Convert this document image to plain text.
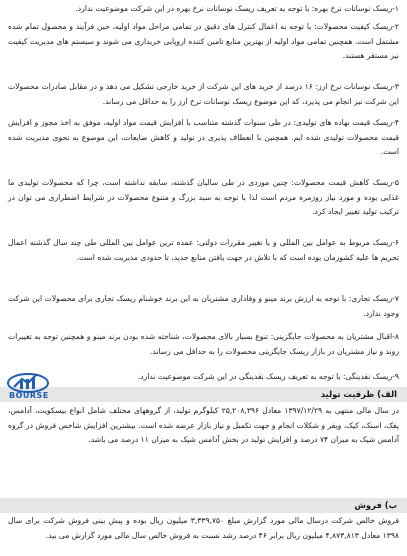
۱-ریسک نوسانات نرخ بهره: با توجه به تعریف ریسک نوسانات نرخ بهره در این شرکت موضوعیت ندارد.

۲-ریسک کیفیت محصولات: با توجه به اعمال کنترل های دقیق در تمامی مراحل مواد اولیه، حین فرآیند و محصول تمام شده مشتمل است. همچنین تمامی مواد اولیه از بهترین منابع تامین کننده اروپایی خریداری می شوند و سیستم های مدیریت کیفیت نیز مستقر هستند.

۳-ریسک نوسانات نرخ ارز: ۱۶ درصد از خرید های این شرکت از خرید خارجی تشکیل می دهد و در مقابل صادرات محصولات این شرکت نیز انجام می پذیرد، که این موضوع ریسک نوسانات نرخ ارز را به حداقل می رساند.

۴-ریسک قیمت نهاده های تولیدی: در طی سنوات گذشته متناسب با افزایش قیمت مواد اولیه، موفق به اخذ مجوز و افزایش قیمت محصولات تولیدی شده ایم. همچنین با انعطاف پذیری در تولید و کاهش ضایعات، این موضوع به نحوی مدیریت شده است.

۵-ریسک کاهش قیمت محصولات: چنین موردی در طی سالیان گذشته، سابقه نداشته است، چرا که محصولات تولیدی ما غذایی بوده و مورد نیاز روزمره مردم است لذا با توجه به سبد بزرگ و متنوع محصولات در شرایط اضطراری می توان در ترکیب تولید تغییر ایجاد کرد.

۶-ریسک مربوط به عوامل بین المللی و یا تغییر مقررات دولتی: عمده ترین عوامل بین المللی طی چند سال گذشته اعمال تحریم ها علیه کشورمان بوده است که با تلاش در جهت یافتن منابع جدید، تا حدودی مدیریت شده است.

۷-ریسک تجاری: با توجه به ارزش برند مینو و وفاداری مشتریان به این برند خوشنام ریسک تجاری برای محصولات این شرکت وجود ندارد.

۸-اقبال مشتریان به محصولات جایگزینی: تنوع بسیار بالای محصولات، شناخته شده بودن برند مینو و همچنین توجه به تغییرات روند و نیاز مشتریان در بازار ریسک جایگزینی محصولات را به حداقل می رساند.

۹-ریسک نقدینگی: با توجه به تعریف ریسک نقدینگی در این شرکت موضوعیت ندارد.

الف) ظرفیت تولید

در سال مالی منتهی به ۱۳۹۷/۱۲/۲۹ معادل ۲۵,۲۰۸,۳۹۶ کیلوگرم تولید، از گروههای مختلف شامل انواع بیسکویت، آدامس، پفک، اسنک، کیک، ویفر و شکلات انجام و جهت تکمیل و نیاز بازار عرضه شده است. بیشترین افزایش شاخص فروش در گروه آدامس شیک به میزان ۷۴ درصد و افزایش تولید در بخش آدامس شیک به میزان ۱۱ درصد می باشد.

ب) فروش

فروش خالص شرکت درسال مالی مورد گزارش مبلغ ۳,۳۳۹,۷۵۰ میلیون ریال بوده و پیش بینی فروش شرکت برای سال ۱۳۹۸ معادل ۴,۸۷۳,۸۱۳ میلیون ریال برابر ۴۶ درصد رشد نسبت به فروش خالص سال مالی مورد گزارش می بید.

BOURSE
